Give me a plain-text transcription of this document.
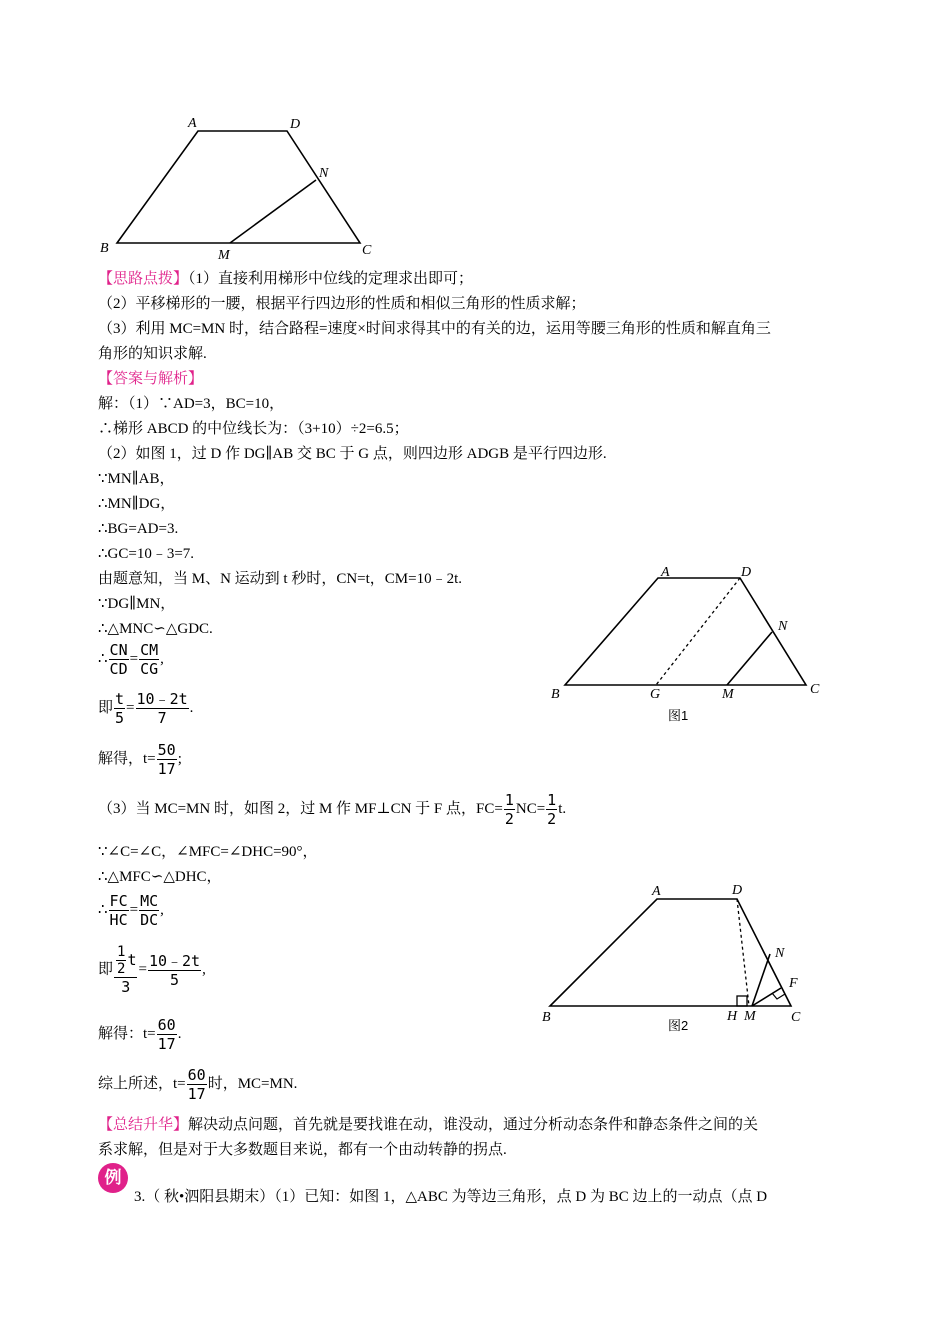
A	D
N
B	M	C
【思路点拨】（1）直接利用梯形中位线的定理求出即可；
（2）平移梯形的一腰，根据平行四边形的性质和相似三角形的性质求解；
（3）利用 MC=MN 时，结合路程=速度×时间求得其中的有关的边，运用等腰三角形的性质和解直角三
角形的知识求解.
【答案与解析】
解：（1）∵AD=3，BC=10，
∴梯形 ABCD 的中位线长为：（3+10）÷2=6.5；
（2）如图 1，过 D 作 DG∥AB 交 BC 于 G 点，则四边形 ADGB 是平行四边形.
∵MN∥AB，
∴MN∥DG，
∴BG=AD=3.
∴GC=10﹣3=7.
由题意知，当 M、N 运动到 t 秒时，CN=t，CM=10﹣2t.
∵DG∥MN，
∴△MNC∽△GDC.
∴ $\frac{CN}{CD} = \frac{CM}{CG}$ ,
即 $\frac{t}{5} = \frac{10﹣2t}{7}$ .
解得，$t= \frac{50}{17}$ ;
（3）当 MC=MN 时，如图 2，过 M 作 MF⊥CN 于 F 点，$FC= \frac{1}{2} NC= \frac{1}{2} t$.
∵∠C=∠C，∠MFC=∠DHC=90°，
∴△MFC∽△DHC，
∴ $\frac{FC}{HC} = \frac{MC}{DC}$ ,
即 $\frac{\frac{1}{2} t}{3} = \frac{10﹣2t}{5}$ ,
解得：$t= \frac{60}{17}$ .
综上所述，$t= \frac{60}{17}$ 时，MC=MN.
【总结升华】解决动点问题，首先就是要找谁在动，谁没动，通过分析动态条件和静态条件之间的关
系求解，但是对于大多数题目来说，都有一个由动转静的拐点.
例
3.（ 秋•泗阳县期末）（1）已知：如图 1，△ABC 为等边三角形，点 D 为 BC 边上的一动点（点 D
A	D
N
B	G	M	C
图1
A	D
N
F
B	H M	C
图2
